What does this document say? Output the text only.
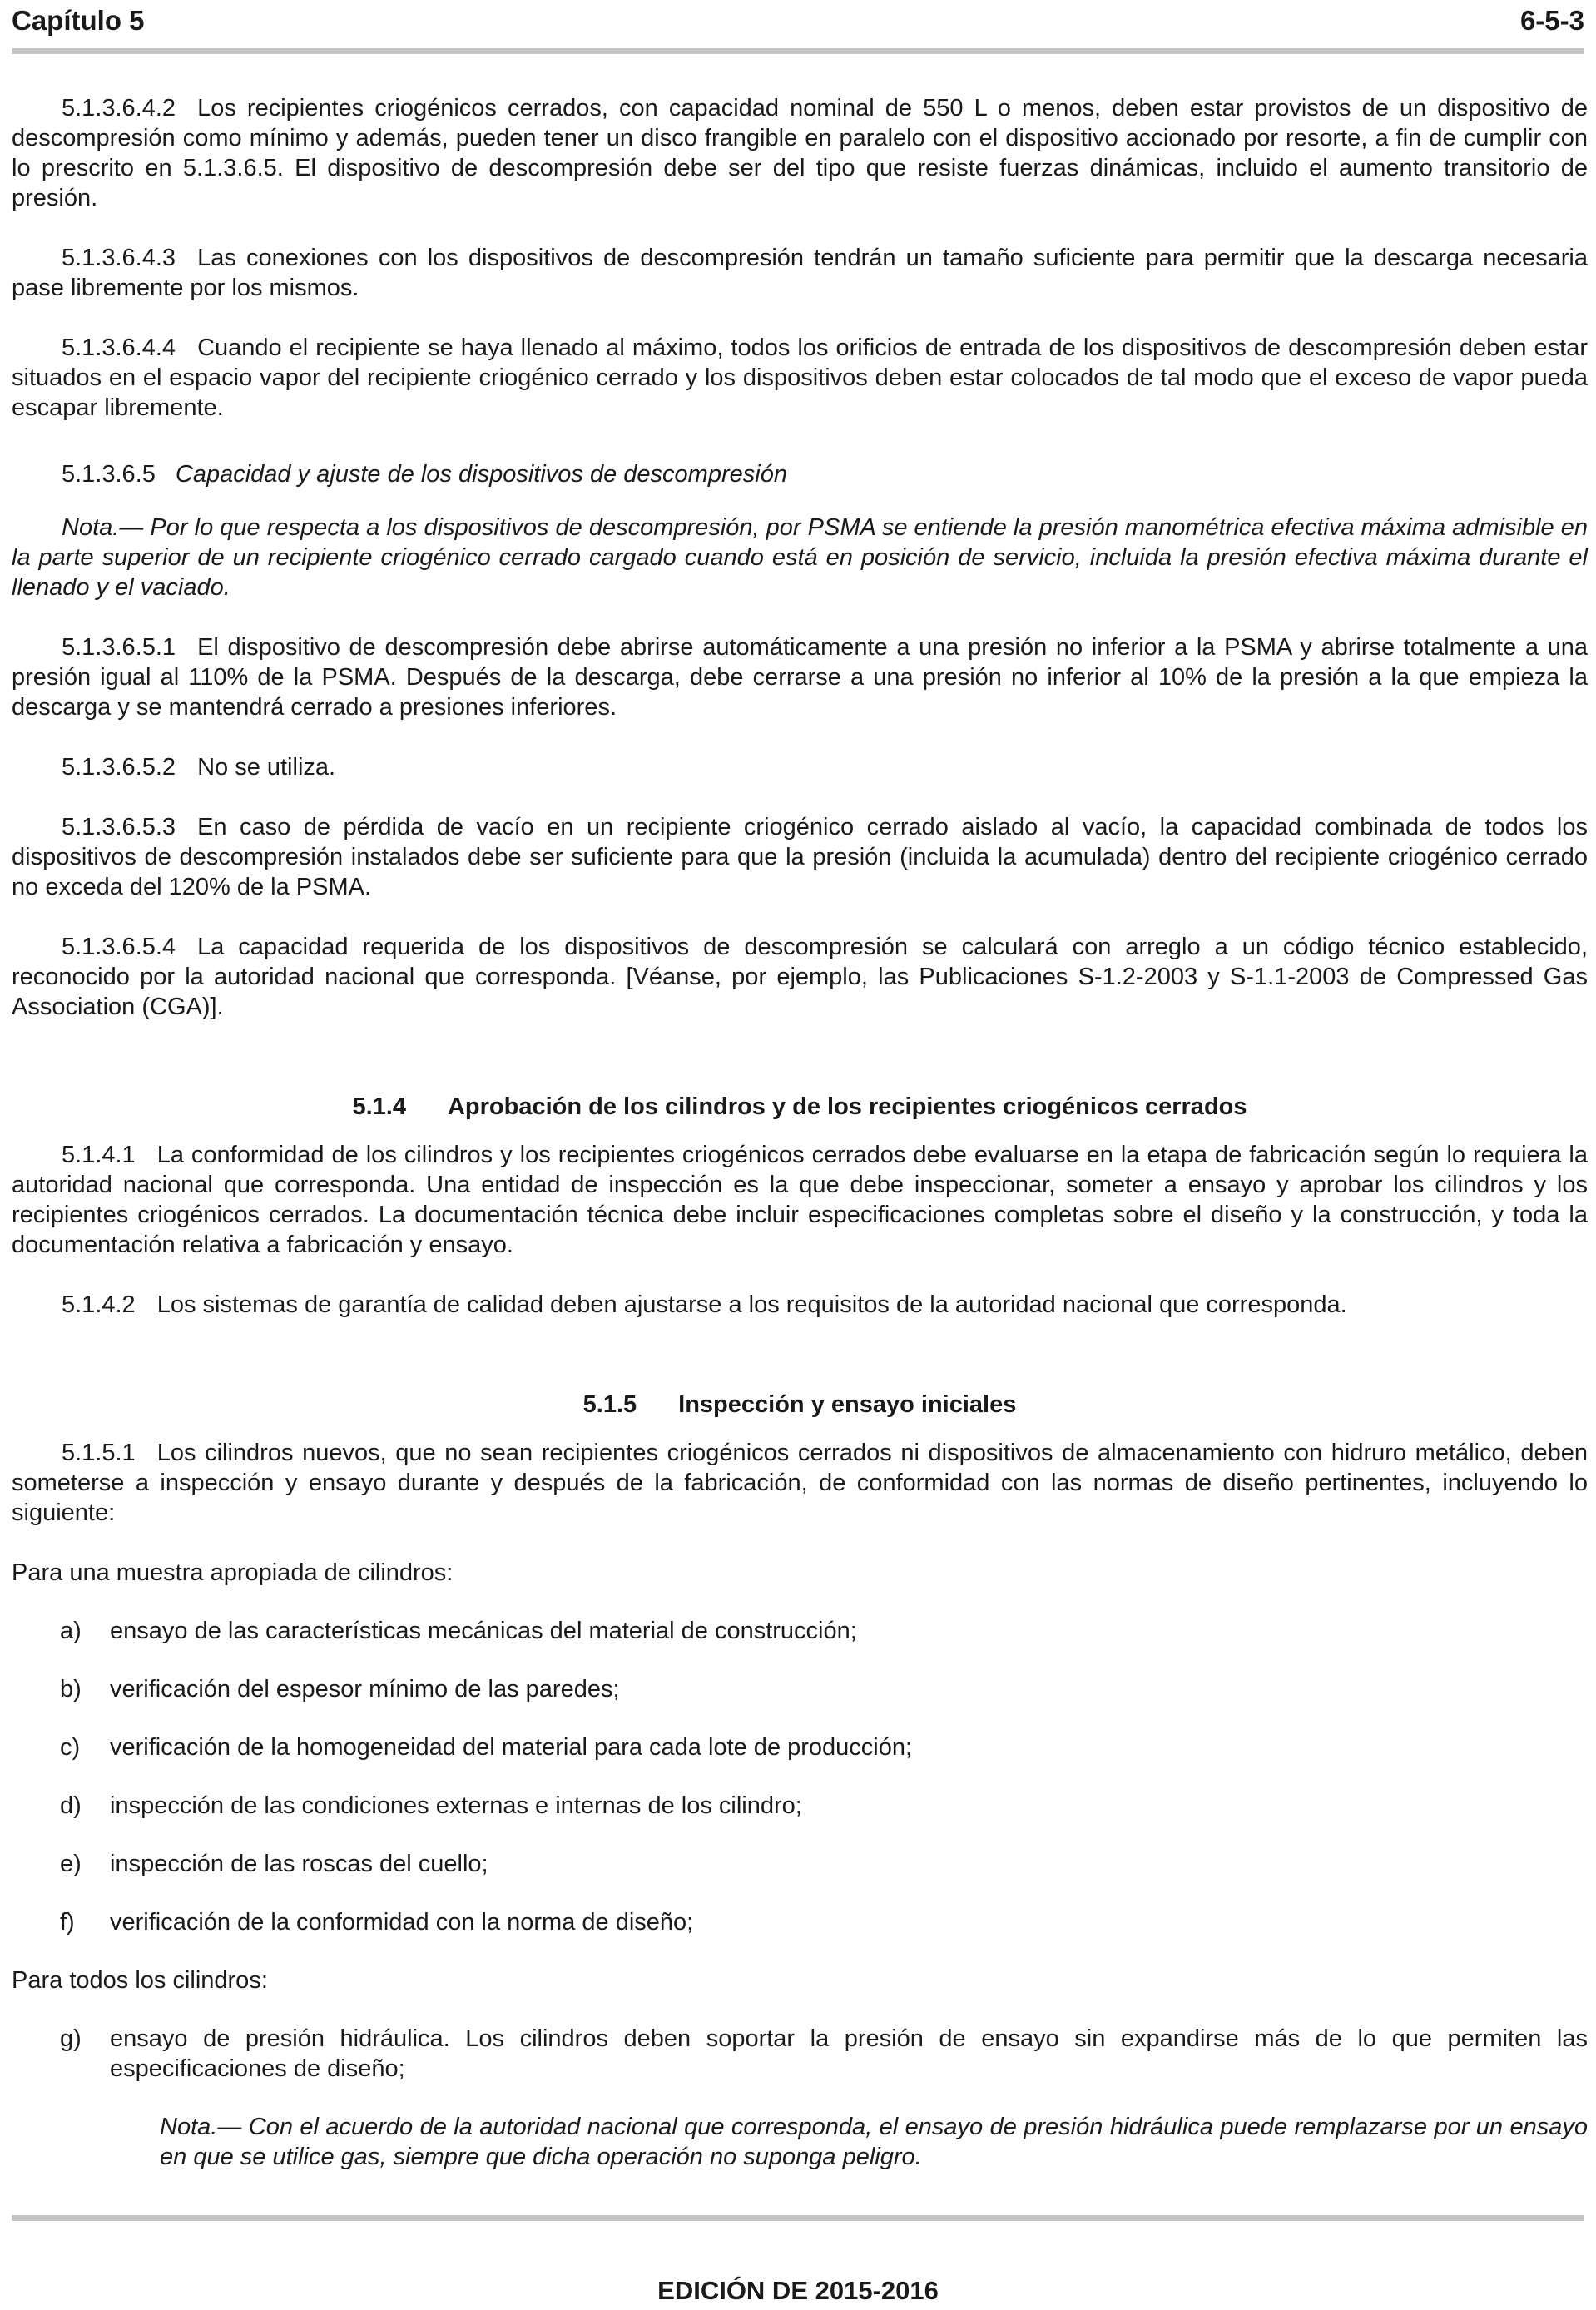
Capítulo 5	6-5-3

5.1.3.6.4.2 Los recipientes criogénicos cerrados, con capacidad nominal de 550 L o menos, deben estar provistos de un dispositivo de descompresión como mínimo y además, pueden tener un disco frangible en paralelo con el dispositivo accionado por resorte, a fin de cumplir con lo prescrito en 5.1.3.6.5. El dispositivo de descompresión debe ser del tipo que resiste fuerzas dinámicas, incluido el aumento transitorio de presión.

5.1.3.6.4.3 Las conexiones con los dispositivos de descompresión tendrán un tamaño suficiente para permitir que la descarga necesaria pase libremente por los mismos.

5.1.3.6.4.4 Cuando el recipiente se haya llenado al máximo, todos los orificios de entrada de los dispositivos de descompresión deben estar situados en el espacio vapor del recipiente criogénico cerrado y los dispositivos deben estar colocados de tal modo que el exceso de vapor pueda escapar libremente.

5.1.3.6.5 Capacidad y ajuste de los dispositivos de descompresión

Nota.— Por lo que respecta a los dispositivos de descompresión, por PSMA se entiende la presión manométrica efectiva máxima admisible en la parte superior de un recipiente criogénico cerrado cargado cuando está en posición de servicio, incluida la presión efectiva máxima durante el llenado y el vaciado.

5.1.3.6.5.1 El dispositivo de descompresión debe abrirse automáticamente a una presión no inferior a la PSMA y abrirse totalmente a una presión igual al 110% de la PSMA. Después de la descarga, debe cerrarse a una presión no inferior al 10% de la presión a la que empieza la descarga y se mantendrá cerrado a presiones inferiores.

5.1.3.6.5.2 No se utiliza.

5.1.3.6.5.3 En caso de pérdida de vacío en un recipiente criogénico cerrado aislado al vacío, la capacidad combinada de todos los dispositivos de descompresión instalados debe ser suficiente para que la presión (incluida la acumulada) dentro del recipiente criogénico cerrado no exceda del 120% de la PSMA.

5.1.3.6.5.4 La capacidad requerida de los dispositivos de descompresión se calculará con arreglo a un código técnico establecido, reconocido por la autoridad nacional que corresponda. [Véanse, por ejemplo, las Publicaciones S-1.2-2003 y S-1.1-2003 de Compressed Gas Association (CGA)].

5.1.4 Aprobación de los cilindros y de los recipientes criogénicos cerrados

5.1.4.1 La conformidad de los cilindros y los recipientes criogénicos cerrados debe evaluarse en la etapa de fabricación según lo requiera la autoridad nacional que corresponda. Una entidad de inspección es la que debe inspeccionar, someter a ensayo y aprobar los cilindros y los recipientes criogénicos cerrados. La documentación técnica debe incluir especificaciones completas sobre el diseño y la construcción, y toda la documentación relativa a fabricación y ensayo.

5.1.4.2 Los sistemas de garantía de calidad deben ajustarse a los requisitos de la autoridad nacional que corresponda.

5.1.5 Inspección y ensayo iniciales

5.1.5.1 Los cilindros nuevos, que no sean recipientes criogénicos cerrados ni dispositivos de almacenamiento con hidruro metálico, deben someterse a inspección y ensayo durante y después de la fabricación, de conformidad con las normas de diseño pertinentes, incluyendo lo siguiente:

Para una muestra apropiada de cilindros:

a)	ensayo de las características mecánicas del material de construcción;
b)	verificación del espesor mínimo de las paredes;
c)	verificación de la homogeneidad del material para cada lote de producción;
d)	inspección de las condiciones externas e internas de los cilindro;
e)	inspección de las roscas del cuello;
f)	verificación de la conformidad con la norma de diseño;

Para todos los cilindros:

g)	ensayo de presión hidráulica. Los cilindros deben soportar la presión de ensayo sin expandirse más de lo que permiten las especificaciones de diseño;

Nota.— Con el acuerdo de la autoridad nacional que corresponda, el ensayo de presión hidráulica puede remplazarse por un ensayo en que se utilice gas, siempre que dicha operación no suponga peligro.

EDICIÓN DE 2015-2016
